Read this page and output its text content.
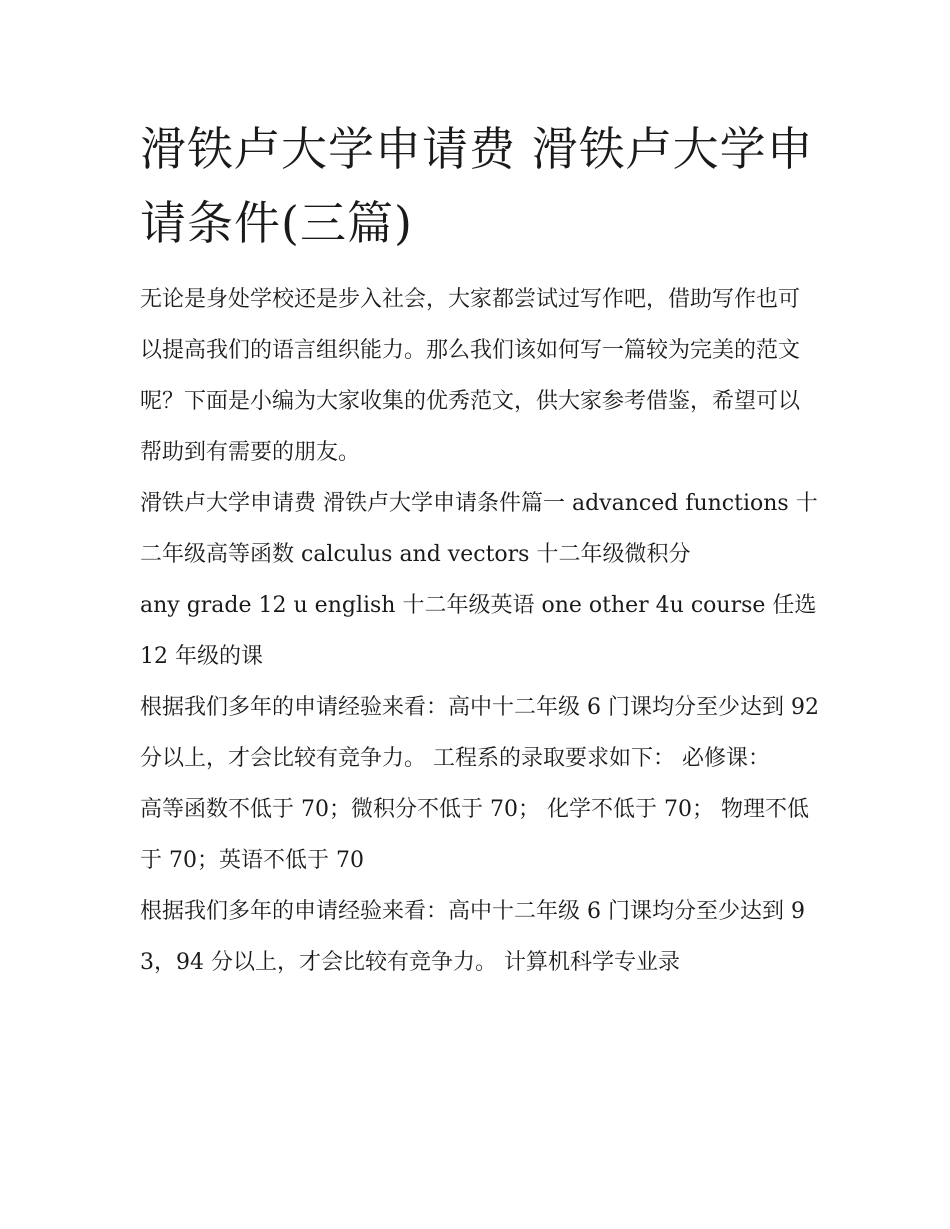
滑铁卢大学申请费 滑铁卢大学申请条件(三篇)

无论是身处学校还是步入社会，大家都尝试过写作吧，借助写作也可以提高我们的语言组织能力。那么我们该如何写一篇较为完美的范文呢？下面是小编为大家收集的优秀范文，供大家参考借鉴，希望可以帮助到有需要的朋友。

滑铁卢大学申请费 滑铁卢大学申请条件篇一 advanced functions 十二年级高等函数 calculus and vectors 十二年级微积分

any grade 12 u english 十二年级英语 one other 4u course 任选 12 年级的课

根据我们多年的申请经验来看：高中十二年级 6 门课均分至少达到 92 分以上，才会比较有竞争力。 工程系的录取要求如下： 必修课：

高等函数不低于 70；微积分不低于 70； 化学不低于 70； 物理不低于 70；英语不低于 70

根据我们多年的申请经验来看：高中十二年级 6 门课均分至少达到 93，94 分以上，才会比较有竞争力。 计算机科学专业录
